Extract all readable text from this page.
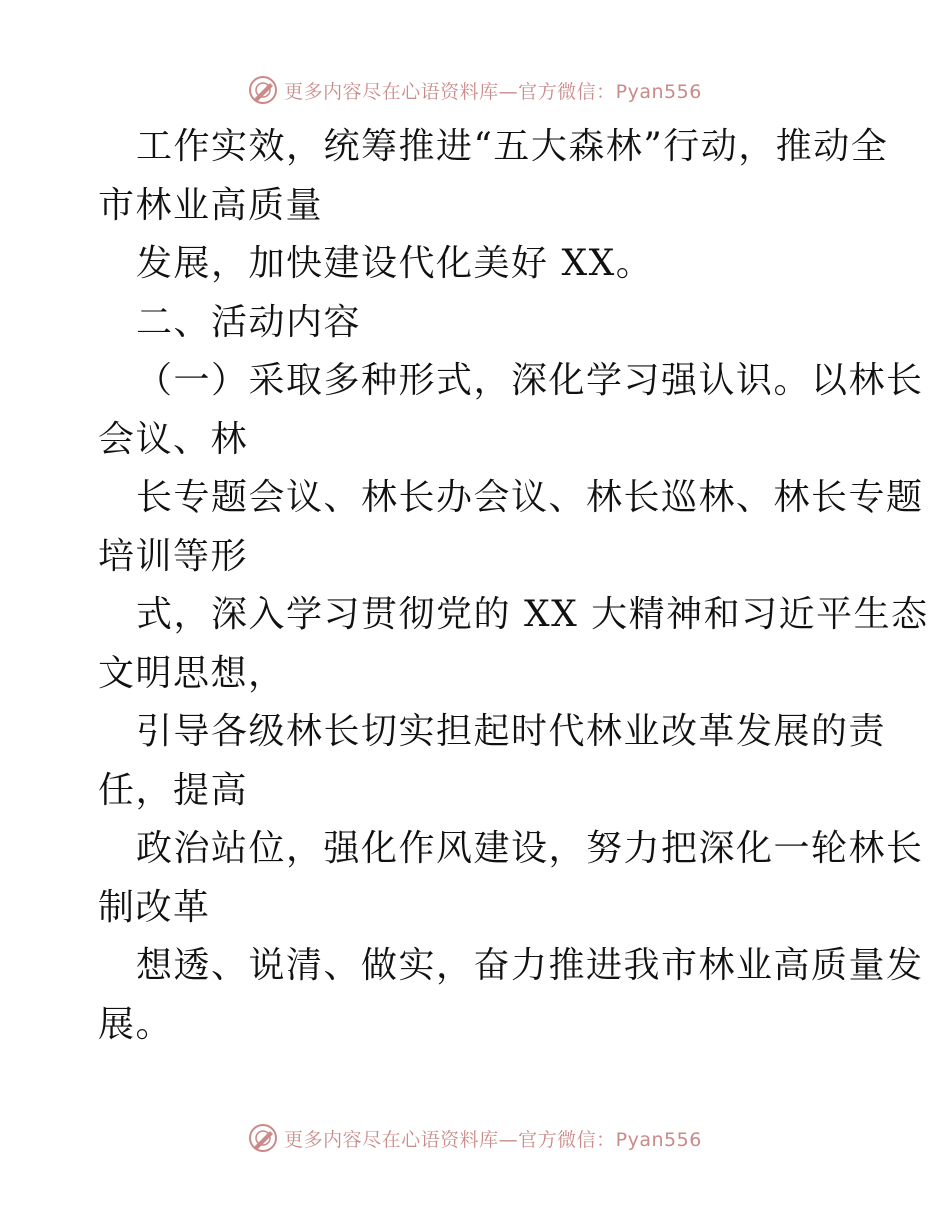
更多内容尽在心语资料库—官方微信：Pyan556
工作实效，统筹推进“五大森林”行动，推动全
市林业高质量
发展，加快建设代化美好 XX。
二、活动内容
（一）采取多种形式，深化学习强认识。以林长
会议、林
长专题会议、林长办会议、林长巡林、林长专题
培训等形
式，深入学习贯彻党的 XX 大精神和习近平生态
文明思想，
引导各级林长切实担起时代林业改革发展的责
任，提高
政治站位，强化作风建设，努力把深化一轮林长
制改革
想透、说清、做实，奋力推进我市林业高质量发
展。
更多内容尽在心语资料库—官方微信：Pyan556
